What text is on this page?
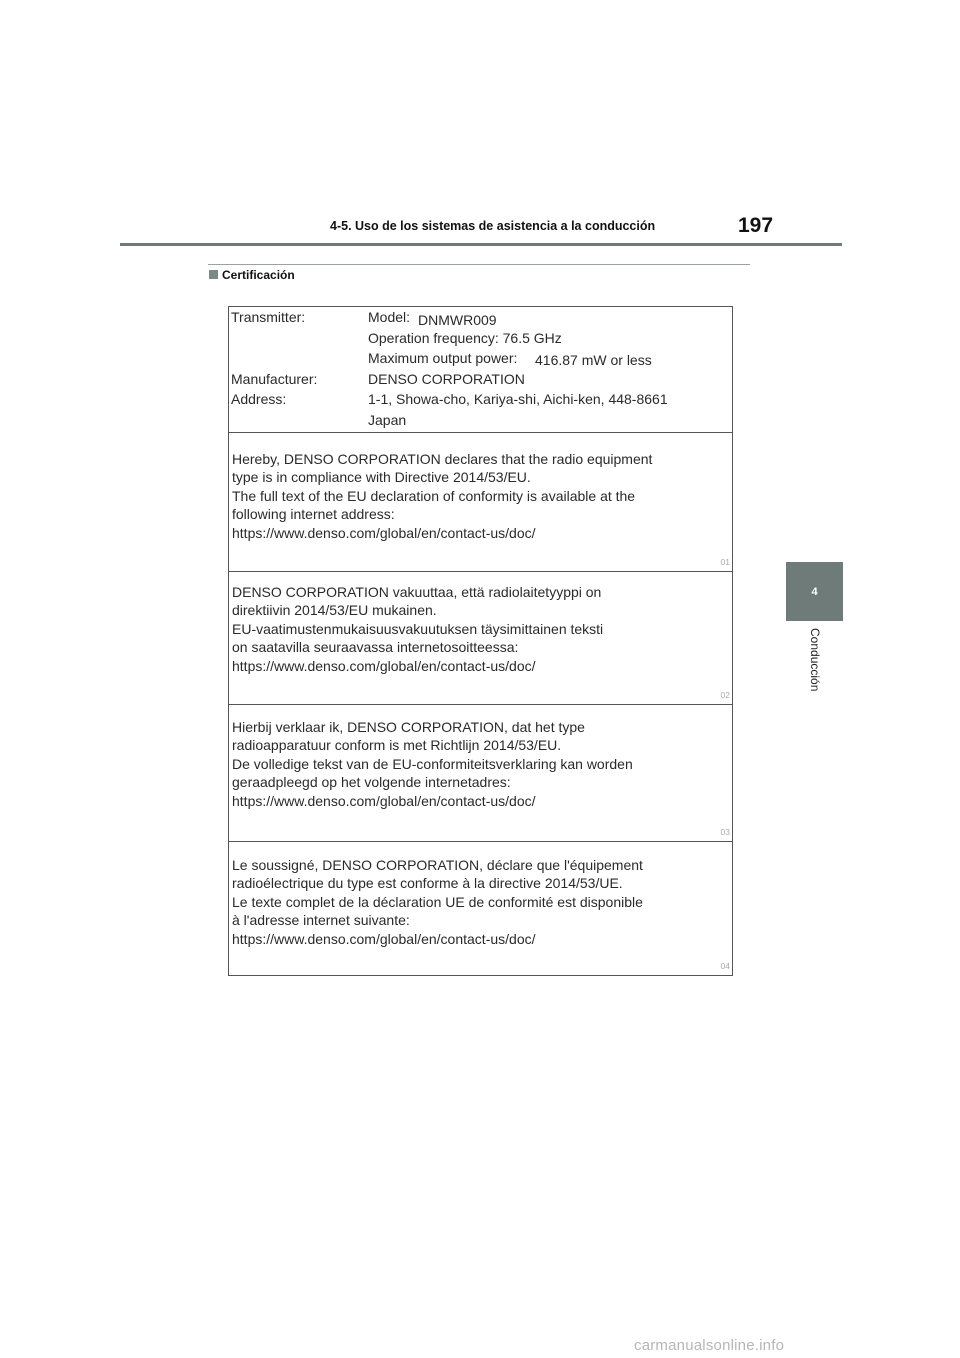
4-5. Uso de los sistemas de asistencia a la conducción	197
Certificación
4
Conducción
Transmitter:	Model: DNMWR009
Operation frequency: 76.5 GHz
Maximum output power: 416.87 mW or less
Manufacturer:	DENSO CORPORATION
Address:	1-1, Showa-cho, Kariya-shi, Aichi-ken, 448-8661
Japan
Hereby, DENSO CORPORATION declares that the radio equipment
type is in compliance with Directive 2014/53/EU.
The full text of the EU declaration of conformity is available at the
following internet address:
https://www.denso.com/global/en/contact-us/doc/
01
DENSO CORPORATION vakuuttaa, että radiolaitetyyppi on
direktiivin 2014/53/EU mukainen.
EU-vaatimustenmukaisuusvakuutuksen täysimittainen teksti
on saatavilla seuraavassa internetosoitteessa:
https://www.denso.com/global/en/contact-us/doc/
02
Hierbij verklaar ik, DENSO CORPORATION, dat het type
radioapparatuur conform is met Richtlijn 2014/53/EU.
De volledige tekst van de EU-conformiteitsverklaring kan worden
geraadpleegd op het volgende internetadres:
https://www.denso.com/global/en/contact-us/doc/
03
Le soussigné, DENSO CORPORATION, déclare que l'équipement
radioélectrique du type est conforme à la directive 2014/53/UE.
Le texte complet de la déclaration UE de conformité est disponible
à l'adresse internet suivante:
https://www.denso.com/global/en/contact-us/doc/
04
carmanualsonline.info
